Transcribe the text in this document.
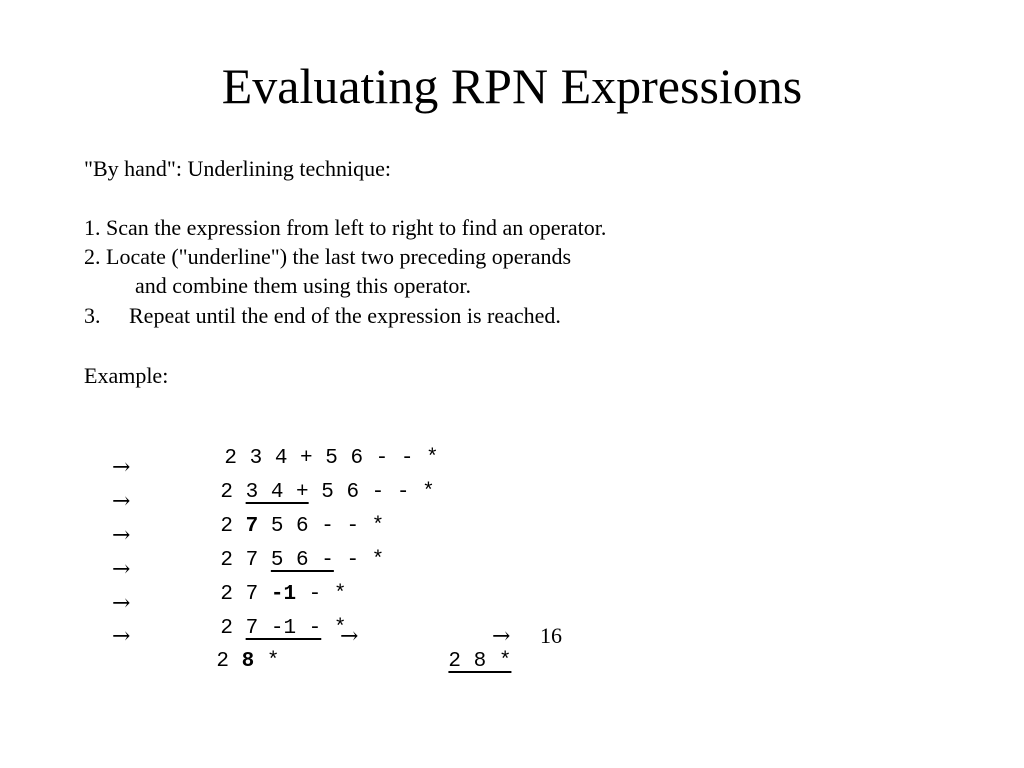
Evaluating RPN Expressions
"By hand": Underlining technique:
1. Scan the expression from left to right to find an operator.
2. Locate ("underline") the last two preceding operands
and combine them using this operator.
3. Repeat until the end of the expression is reached.
Example:

2 3 4 + 5 6 - - *

→

2 3 4 + 5 6 - - *

→

2 7 5 6 - - *

→

2 7 5 6 - - *

→

2 7 -1 - *

→

2 7 -1 - *

→

2 8 *

→

2 8 *

→ 16
